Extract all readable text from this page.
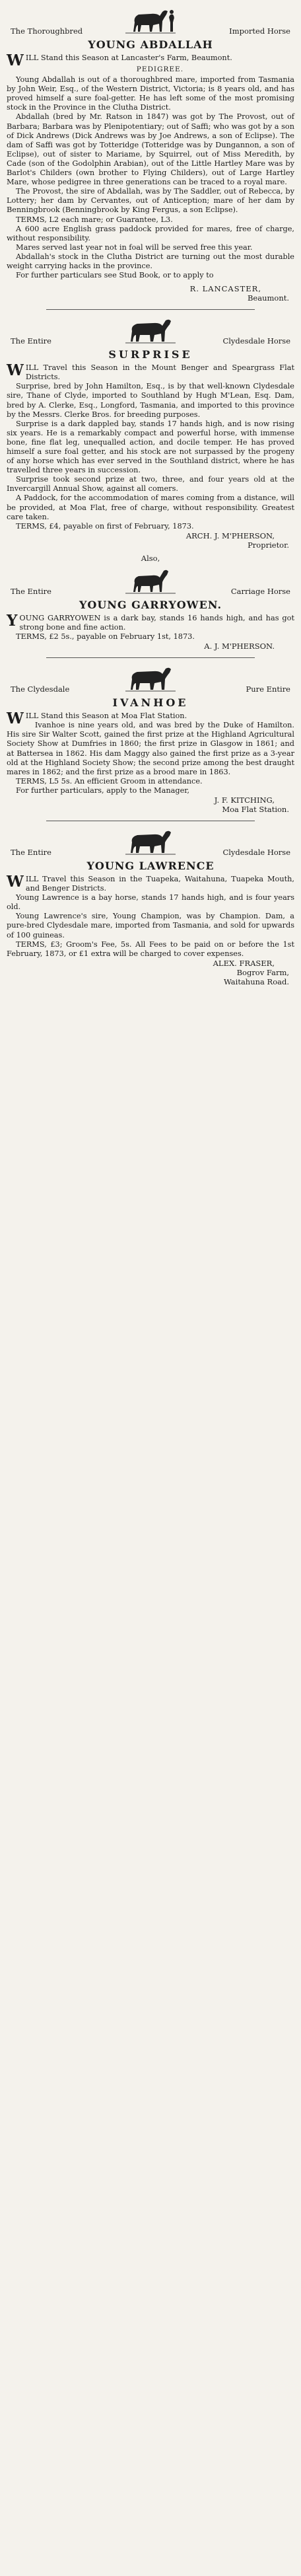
The Thoroughbred	Imported Horse
YOUNG ABDALLAH

WILL Stand this Season at Lancaster's Farm, Beaumont.

PEDIGREE.

Young Abdallah is out of a thoroughbred mare, imported from Tasmania by John Weir, Esq., of the Western District, Victoria; is 8 years old, and has proved himself a sure foal-getter. He has left some of the most promising stock in the Province in the Clutha District.

Abdallah (bred by Mr. Ratson in 1847) was got by The Provost, out of Barbara; Barbara was by Plenipotentiary; out of Saffi; who was got by a son of Dick Andrews (Dick Andrews was by Joe Andrews, a son of Eclipse). The dam of Saffi was got by Totteridge (Totteridge was by Dungannon, a son of Eclipse), out of sister to Mariame, by Squirrel, out of Miss Meredith, by Cade (son of the Godolphin Arabian), out of the Little Hartley Mare was by Barlot's Childers (own brother to Flying Childers), out of Large Hartley Mare, whose pedigree in three generations can be traced to a royal mare.

The Provost, the sire of Abdallah, was by The Saddler, out of Rebecca, by Lottery; her dam by Cervantes, out of Antiception; mare of her dam by Benningbrook (Benningbrook by King Fergus, a son Eclipse).

TERMS, L2 each mare; or Guarantee, L3.

A 600 acre English grass paddock provided for mares, free of charge, without responsibility.

Mares served last year not in foal will be served free this year.

Abdallah's stock in the Clutha District are turning out the most durable weight carrying hacks in the province.

For further particulars see Stud Book, or to apply to

R. LANCASTER,
Beaumont.
The Entire	Clydesdale Horse
SURPRISE

WILL Travel this Season in the Mount Benger and Speargrass Flat Districts.

Surprise, bred by John Hamilton, Esq., is by that well-known Clydesdale sire, Thane of Clyde, imported to Southland by Hugh M'Lean, Esq. Dam, bred by A. Clerke, Esq., Longford, Tasmania, and imported to this province by the Messrs. Clerke Bros. for breeding purposes.

Surprise is a dark dappled bay, stands 17 hands high, and is now rising six years. He is a remarkably compact and powerful horse, with immense bone, fine flat leg, unequalled action, and docile temper. He has proved himself a sure foal getter, and his stock are not surpassed by the progeny of any horse which has ever served in the Southland district, where he has travelled three years in succession.

Surprise took second prize at two, three, and four years old at the Invercargill Annual Show, against all comers.

A Paddock, for the accommodation of mares coming from a distance, will be provided, at Moa Flat, free of charge, without responsibility. Greatest care taken.

TERMS, £4, payable on first of February, 1873.

ARCH. J. M'PHERSON,
Proprietor.
Also,
The Entire	Carriage Horse
YOUNG GARRYOWEN.

YOUNG GARRYOWEN is a dark bay, stands 16 hands high, and has got strong bone and fine action.

TERMS, £2 5s., payable on February 1st, 1873.

A. J. M'PHERSON.
The Clydesdale	Pure Entire
IVANHOE

WILL Stand this Season at Moa Flat Station.

Ivanhoe is nine years old, and was bred by the Duke of Hamilton. His sire Sir Walter Scott, gained the first prize at the Highland Agricultural Society Show at Dumfries in 1860; the first prize in Glasgow in 1861; and at Battersea in 1862. His dam Maggy also gained the first prize as a 3-year old at the Highland Society Show; the second prize among the best draught mares in 1862; and the first prize as a brood mare in 1863.

TERMS, L5 5s. An efficient Groom in attendance.

For further particulars, apply to the Manager,

J. F. KITCHING,
Moa Flat Station.
The Entire	Clydesdale Horse
YOUNG LAWRENCE

WILL Travel this Season in the Tuapeka, Waitahuna, Tuapeka Mouth, and Benger Districts.

Young Lawrence is a bay horse, stands 17 hands high, and is four years old.

Young Lawrence's sire, Young Champion, was by Champion. Dam, a pure-bred Clydesdale mare, imported from Tasmania, and sold for upwards of 100 guineas.

TERMS, £3; Groom's Fee, 5s. All Fees to be paid on or before the 1st February, 1873, or £1 extra will be charged to cover expenses.

ALEX. FRASER,
Bogrov Farm,
Waitahuna Road.
